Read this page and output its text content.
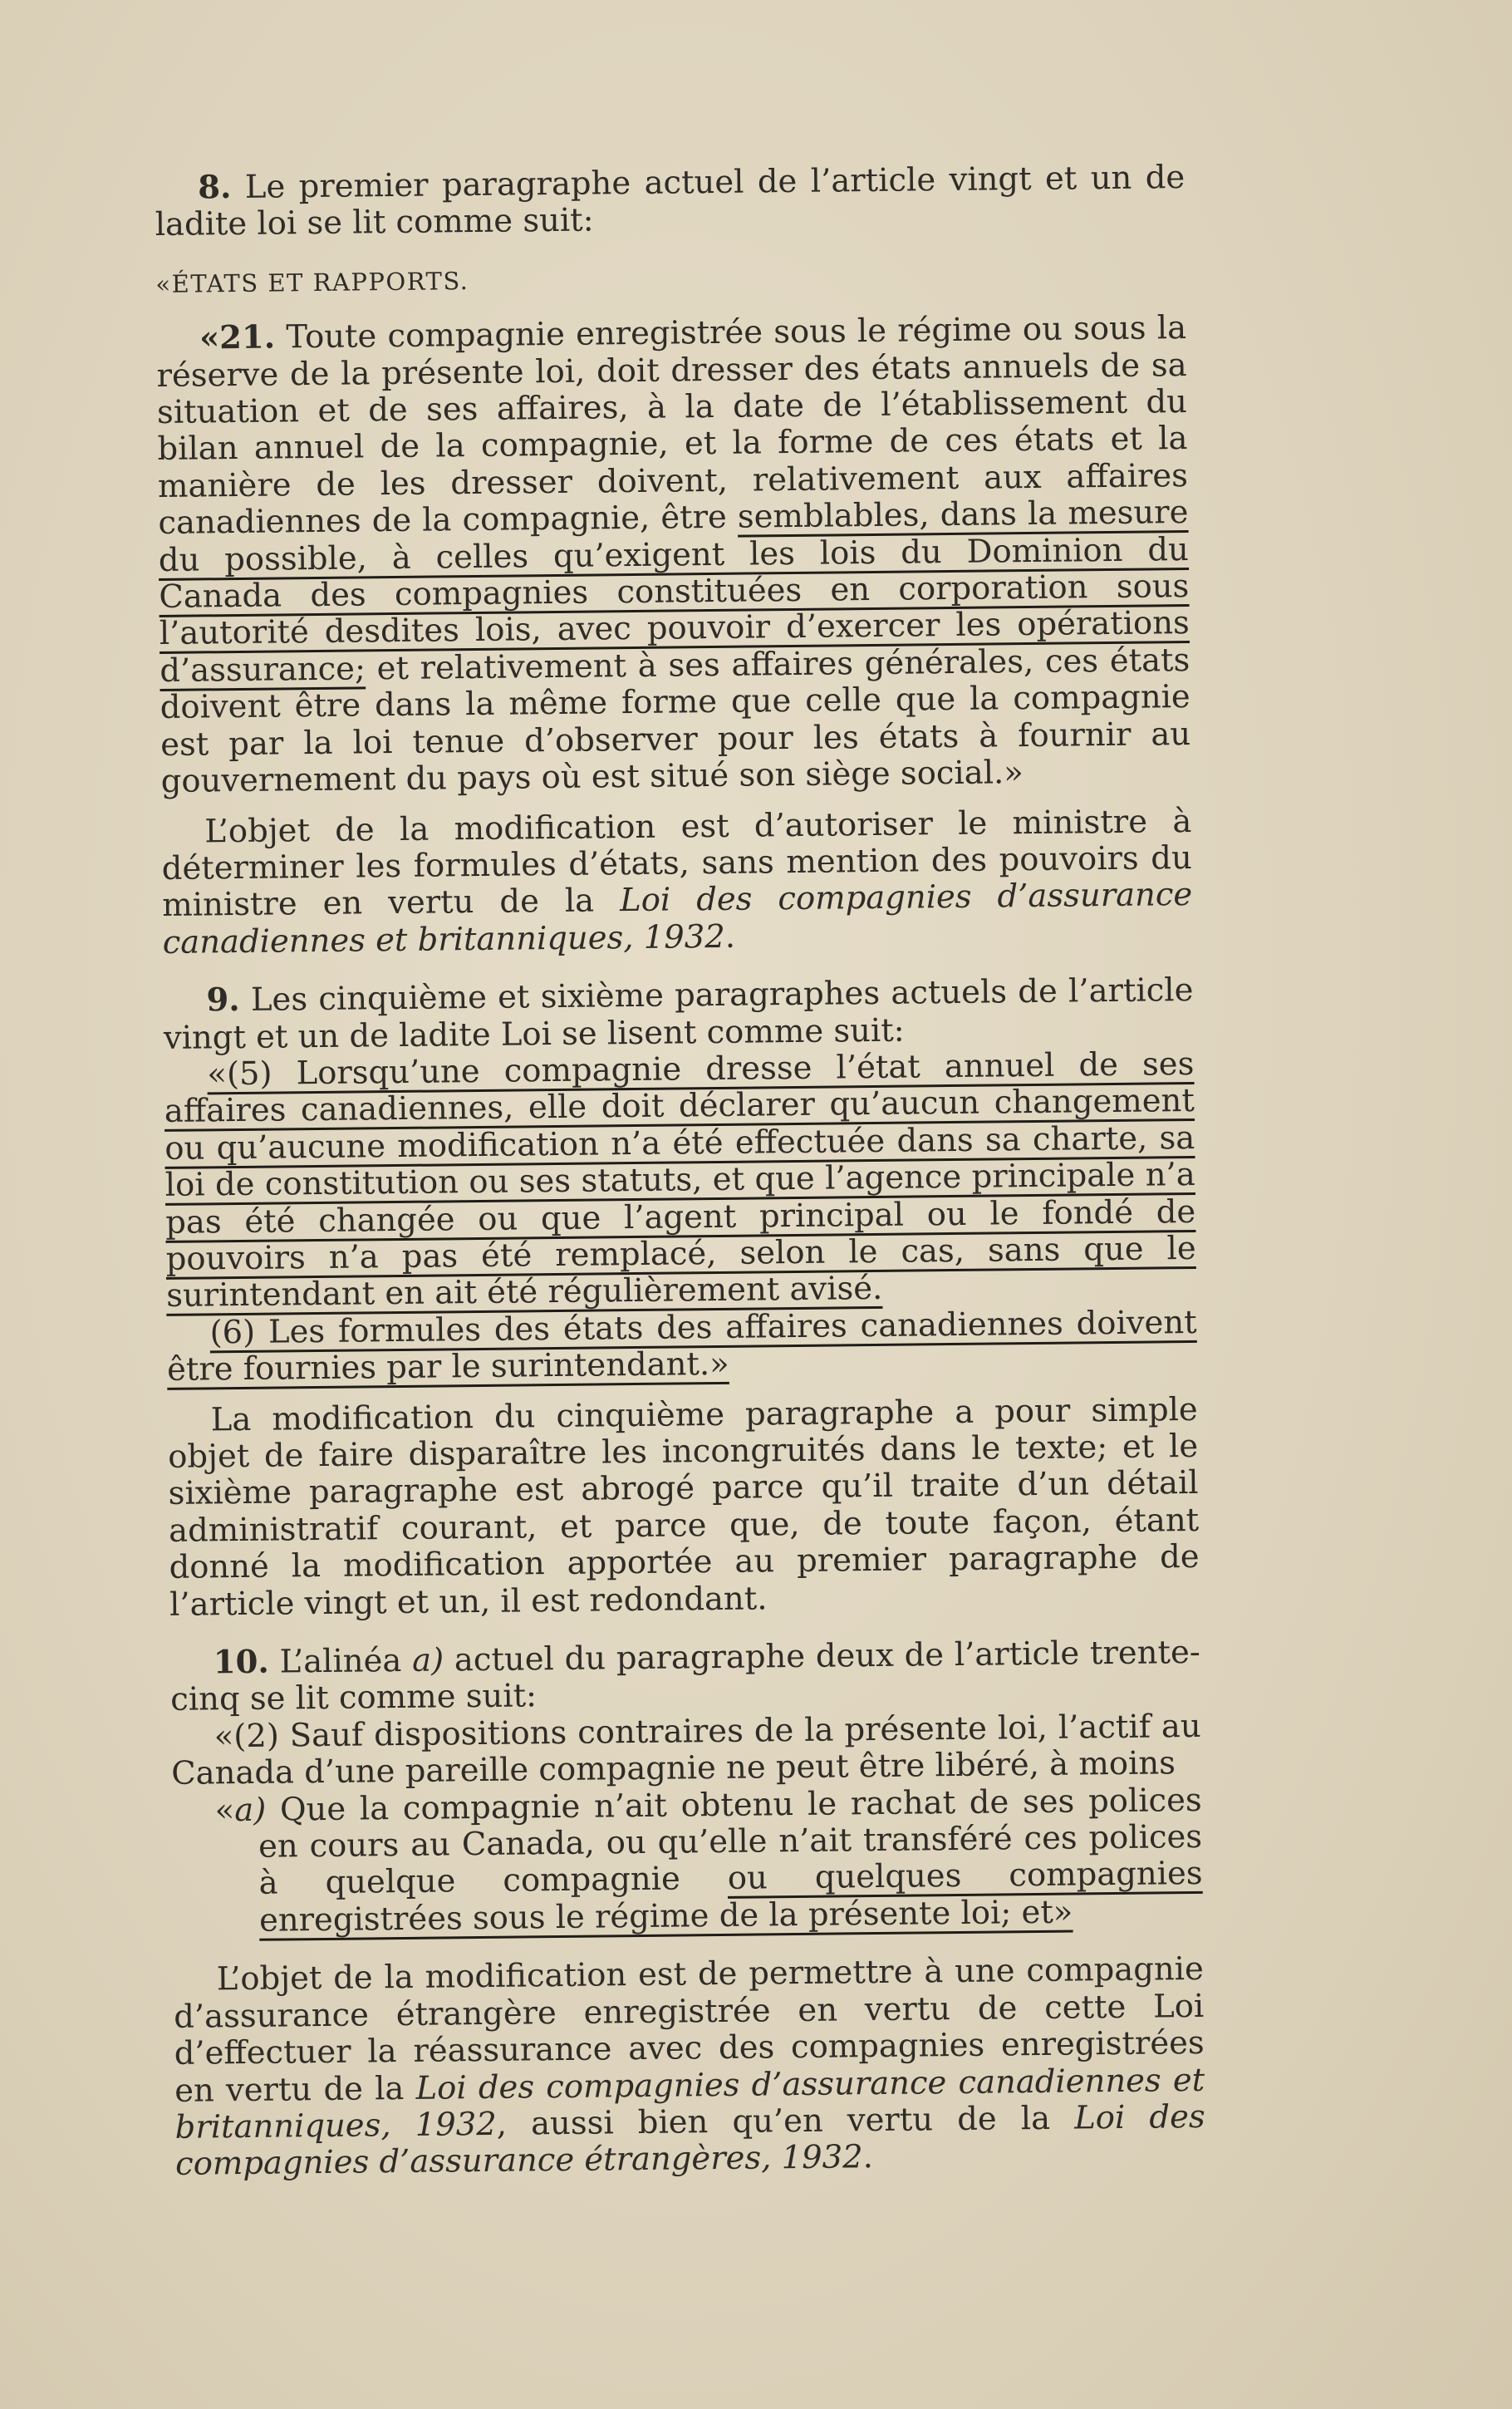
8. Le premier paragraphe actuel de l’article vingt et un de ladite loi se lit comme suit:

«ÉTATS ET RAPPORTS.

«21. Toute compagnie enregistrée sous le régime ou sous la réserve de la présente loi, doit dresser des états annuels de sa situation et de ses affaires, à la date de l’établissement du bilan annuel de la compagnie, et la forme de ces états et la manière de les dresser doivent, relativement aux affaires canadiennes de la compagnie, être semblables, dans la mesure du possible, à celles qu’exigent les lois du Dominion du Canada des compagnies constituées en corporation sous l’autorité desdites lois, avec pouvoir d’exercer les opérations d’assurance; et relativement à ses affaires générales, ces états doivent être dans la même forme que celle que la compagnie est par la loi tenue d’observer pour les états à fournir au gouvernement du pays où est situé son siège social.»

L’objet de la modification est d’autoriser le ministre à déterminer les formules d’états, sans mention des pouvoirs du ministre en vertu de la Loi des compagnies d’assurance canadiennes et britanniques, 1932.

9. Les cinquième et sixième paragraphes actuels de l’article vingt et un de ladite Loi se lisent comme suit:

«(5) Lorsqu’une compagnie dresse l’état annuel de ses affaires canadiennes, elle doit déclarer qu’aucun changement ou qu’aucune modification n’a été effectuée dans sa charte, sa loi de constitution ou ses statuts, et que l’agence principale n’a pas été changée ou que l’agent principal ou le fondé de pouvoirs n’a pas été remplacé, selon le cas, sans que le surintendant en ait été régulièrement avisé.

(6) Les formules des états des affaires canadiennes doivent être fournies par le surintendant.»

La modification du cinquième paragraphe a pour simple objet de faire disparaître les incongruités dans le texte; et le sixième paragraphe est abrogé parce qu’il traite d’un détail administratif courant, et parce que, de toute façon, étant donné la modification apportée au premier paragraphe de l’article vingt et un, il est redondant.

10. L’alinéa a) actuel du paragraphe deux de l’article trente-cinq se lit comme suit:

«(2) Sauf dispositions contraires de la présente loi, l’actif au Canada d’une pareille compagnie ne peut être libéré, à moins

«a) Que la compagnie n’ait obtenu le rachat de ses polices en cours au Canada, ou qu’elle n’ait transféré ces polices à quelque compagnie ou quelques compagnies enregistrées sous le régime de la présente loi; et»

L’objet de la modification est de permettre à une compagnie d’assurance étrangère enregistrée en vertu de cette Loi d’effectuer la réassurance avec des compagnies enregistrées en vertu de la Loi des compagnies d’assurance canadiennes et britanniques, 1932, aussi bien qu’en vertu de la Loi des compagnies d’assurance étrangères, 1932.
